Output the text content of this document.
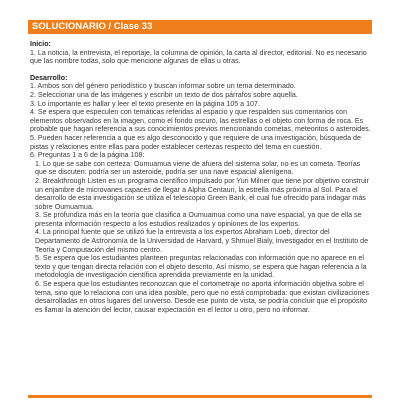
SOLUCIONARIO / Clase 33
Inicio:

1. La noticia, la entrevista, el reportaje, la columna de opinión, la carta al director, editorial. No es necesario que las nombre todas, solo que mencione algunas de ellas u otras.

Desarrollo:

1. Ambos son del género periodístico y buscan informar sobre un tema determinado.

2. Seleccionar una de las imágenes y escribir un texto de dos párrafos sobre aquella.

3. Lo importante es hallar y leer el texto presente en la página 105 a 107.

4. Se espera que especulen con temáticas referidas al espacio y que respalden sus comentarios con elementos observados en la imagen, como el fondo oscuro, las estrellas o el objeto con forma de roca. Es probable que hagan referencia a sus conocimientos previos mencionando cometas, meteoritos o asteroides.

5. Pueden hacer referencia a que es algo desconocido y que requiere de una investigación, búsqueda de pistas y relaciones entre ellas para poder establecer certezas respecto del tema en cuestión.

6. Preguntas 1 a 6 de la página 108:

1. Lo que se sabe con certeza: Oumuamua viene de afuera del sistema solar, no es un cometa. Teorías que se discuten: podría ser un asteroide, podría ser una nave espacial alienígena.

2. Breakthrough Listen es un programa científico impulsado por Yuri Milner que tiene por objetivo construir un enjambre de microvanes capaces de llegar a Alpha Centauri, la estrella más próxima al Sol. Para el desarrollo de esta investigación se utiliza el telescopio Green Bank, el cual fue ofrecido para indagar más sobre Oumuamua.

3. Se profundiza más en la teoría que clasifica a Oumuamua como una nave espacial, ya que de ella se presenta información respecto a los estudios realizados y opiniones de los expertos.

4. La principal fuente que se utilizó fue la entrevista a los expertos Abraham Loeb, director del Departamento de Astronomía de la Universidad de Harvard, y Shmuel Bialy, investigador en el Instituto de Teoría y Computación del mismo centro.

5. Se espera que los estudiantes planteen preguntas relacionadas con información que no aparece en el texto y que tengan directa relación con el objeto descrito. Así mismo, se espera que hagan referencia a la metodología de investigación científica aprendida previamente en la unidad.

6. Se espera que los estudiantes reconozcan que el cortometraje no aporta información objetiva sobre el tema, sino que lo relaciona con una idea posible, pero que no está comprobada: que existan civilizaciones desarrolladas en otros lugares del universo. Desde ese punto de vista, se podría concluir que el propósito es llamar la atención del lector, causar expectación en el lector u otro, pero no informar.
